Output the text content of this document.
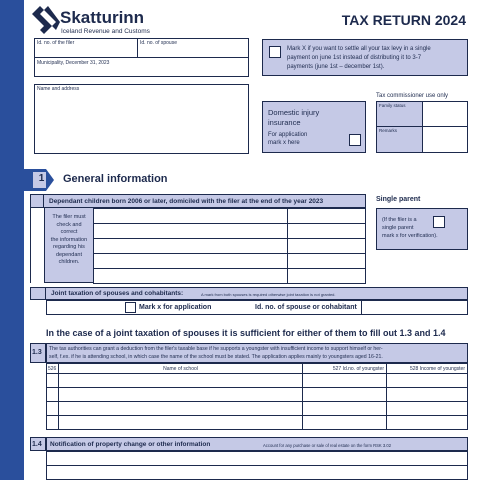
Skatturinn
Iceland Revenue and Customs
TAX RETURN 2024
Id. no. of the filer	Id. no. of spouse
Municipality, December 31, 2023
Name and address
Mark X if you want to settle all your tax levy in a single
payment on june 1st instead of distributing it to 3-7
payments (june 1st – december 1st).
Domestic injury
insurance
For application
mark x here
Tax commissioner use only
Family status
Remarks
1	General information
Dependant children born 2006 or later, domiciled with the filer at the end of the year 2023
The filer must
check and
correct
the information
regarding his
dependant
children.

Single parent
(If the filer is a
single parent
mark x for verification).
Joint taxation of spouses and cohabitants:	A mark from both spouses is required otherwise joint taxation is not granted.
Mark x for application	Id. no. of spouse or cohabitant
In the case of a joint taxation of spouses it is sufficient for either of them to fill out 1.3 and 1.4
1.3 The tax authorities can grant a deduction from the filer's taxable base if he supports a youngster with insufficient income to support himself or her-
self, f.ex. if he is attending school, in which case the name of the school must be stated. The application applies mainly to youngsters aged 16-21.
526	Name of school	527 Id.no. of youngster	528 Income of youngster

1.4 Notification of property change or other information	Account for any purchase or sale of real estate on the form RSK 3.02
